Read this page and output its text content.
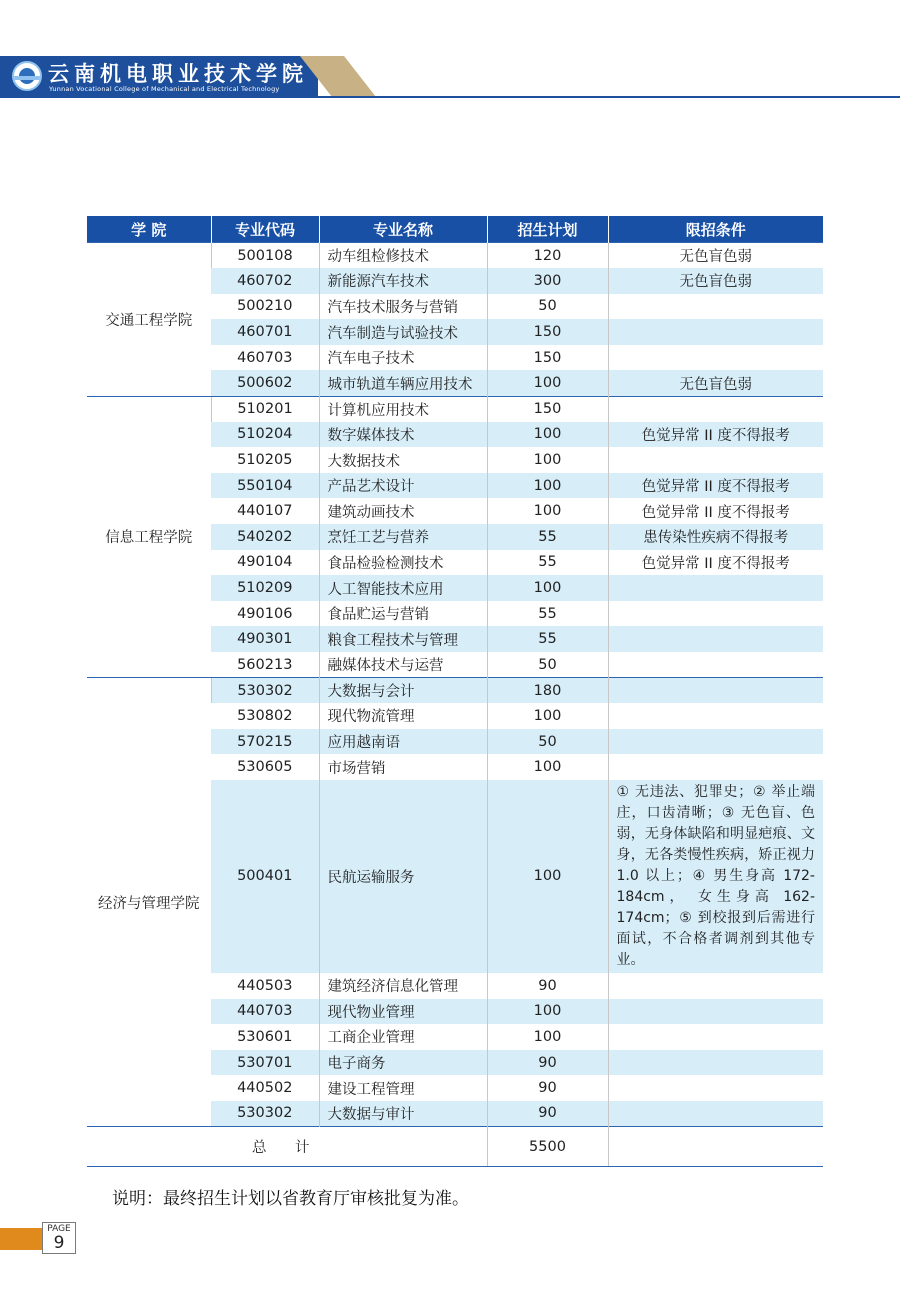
云南机电职业技术学院
Yunnan Vocational College of Mechanical and Electrical Technology
学 院	专业代码	专业名称	招生计划	限招条件
交通工程学院	500108	动车组检修技术	120	无色盲色弱
	460702	新能源汽车技术	300	无色盲色弱
	500210	汽车技术服务与营销	50	
	460701	汽车制造与试验技术	150	
	460703	汽车电子技术	150	
	500602	城市轨道车辆应用技术	100	无色盲色弱
信息工程学院	510201	计算机应用技术	150	
	510204	数字媒体技术	100	色觉异常 II 度不得报考
	510205	大数据技术	100	
	550104	产品艺术设计	100	色觉异常 II 度不得报考
	440107	建筑动画技术	100	色觉异常 II 度不得报考
	540202	烹饪工艺与营养	55	患传染性疾病不得报考
	490104	食品检验检测技术	55	色觉异常 II 度不得报考
	510209	人工智能技术应用	100	
	490106	食品贮运与营销	55	
	490301	粮食工程技术与管理	55	
	560213	融媒体技术与运营	50	
经济与管理学院	530302	大数据与会计	180	
	530802	现代物流管理	100	
	570215	应用越南语	50	
	530605	市场营销	100	
	500401	民航运输服务	100	① 无违法、犯罪史；② 举止端庄，口齿清晰；③ 无色盲、色弱，无身体缺陷和明显疤痕、文身，无各类慢性疾病，矫正视力 1.0 以上；④ 男生身高 172-184cm， 女生身高 162-174cm；⑤ 到校报到后需进行面试，不合格者调剂到其他专业。
	440503	建筑经济信息化管理	90	
	440703	现代物业管理	100	
	530601	工商企业管理	100	
	530701	电子商务	90	
	440502	建设工程管理	90	
	530302	大数据与审计	90	
总 计			5500	
说明：最终招生计划以省教育厅审核批复为准。
PAGE
9
